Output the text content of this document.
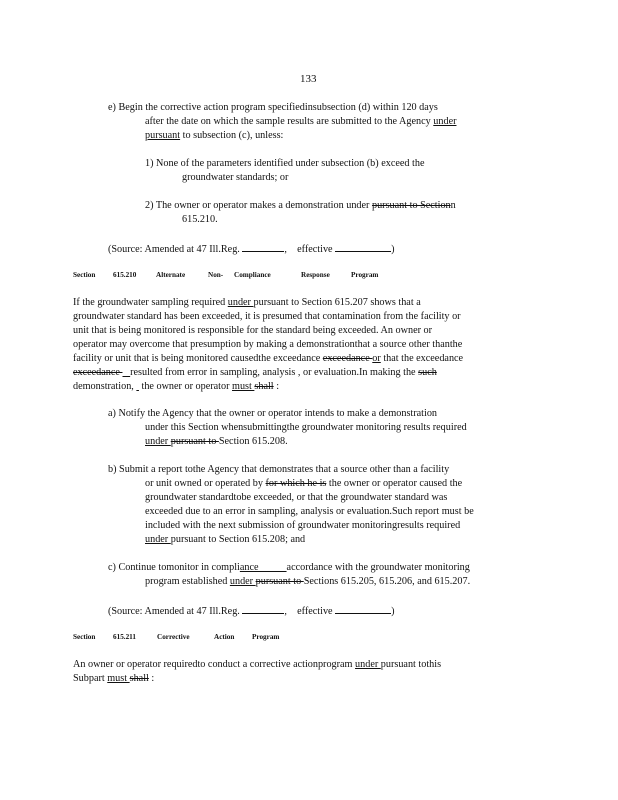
133
e) Begin the corrective action program specifiedinsubsection (d) within 120 days
after the date on which the sample results are submitted to the Agency under
pursuant to subsection (c), unless:
1) None of the parameters identified under subsection (b) exceed the
groundwater standards; or
2) The owner or operator makes a demonstration under pursuant to Sectionn
615.210.
(Source: Amended at 47 Ill.Reg.	, effective	)
Section 615.210	Alternate	Non- Compliance	Response	Program
If the groundwater sampling required under pursuant to Section 615.207 shows that a
groundwater standard has been exceeded, it is presumed that contamination from the facility or
unit that is being monitored is responsible for the standard being exceeded. An owner or
operator may overcome that presumption by making a demonstrationthat a source other thanthe
facility or unit that is being monitored causedthe exceedance exceedance or that the exceedance
exceedance    resulted from error in sampling, analysis , or evaluation.In making the such
demonstration,   the owner or operator must shall :
a) Notify the Agency that the owner or operator intends to make a demonstration
under this Section whensubmittingthe groundwater monitoring results required
under pursuant to Section 615.208.
b) Submit a report tothe Agency that demonstrates that a source other than a facility
or unit owned or operated by for which he is the owner or operator caused the
groundwater standardtobe exceeded, or that the groundwater standard was
exceeded due to an error in sampling, analysis or evaluation.Such report must be
included with the next submission of groundwater monitoringresults required
under pursuant to Section 615.208; and
c) Continue tomonitor in compliance           accordance with the groundwater monitoring
program established under pursuant to Sections 615.205, 615.206, and 615.207.
(Source: Amended at 47 Ill.Reg.	, effective	)
Section 615.211	Corrective	Action Program
An owner or operator requiredto conduct a corrective actionprogram under pursuant tothis
Subpart must shall :
